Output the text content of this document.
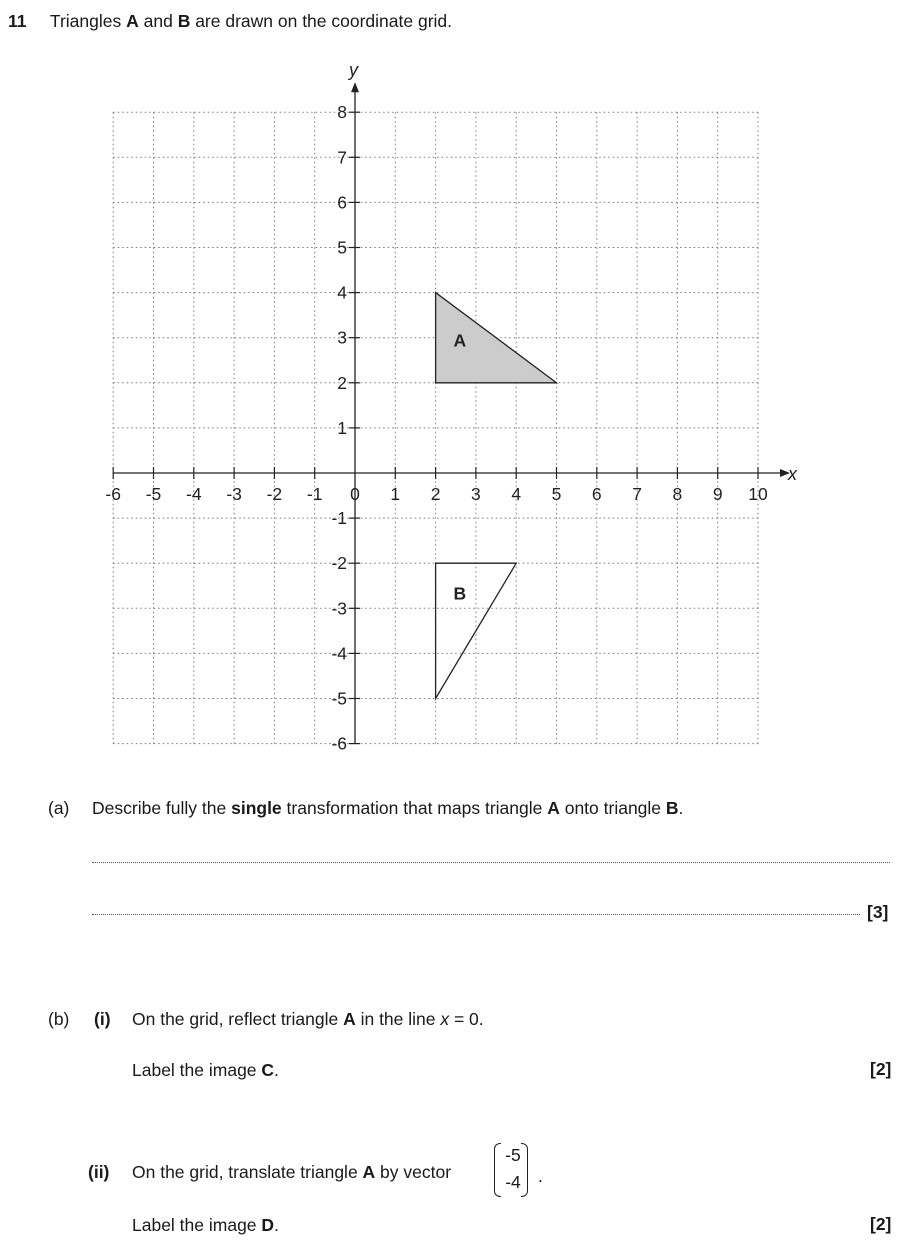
11 Triangles A and B are drawn on the coordinate grid.
x
y
-6 -5 -4 -3 -2 -1 0 1 2 3 4 5 6 7 8 9 10
-6
-5
-4
-3
-2
-1
1
2
3
4
5
6
7
8
A
B
(a) Describe fully the single transformation that maps triangle A onto triangle B.
[3]
(b) (i) On the grid, reflect triangle A in the line x = 0.
Label the image C.	[2]
(ii) On the grid, translate triangle A by vector
-5
-4 .
Label the image D.	[2]
